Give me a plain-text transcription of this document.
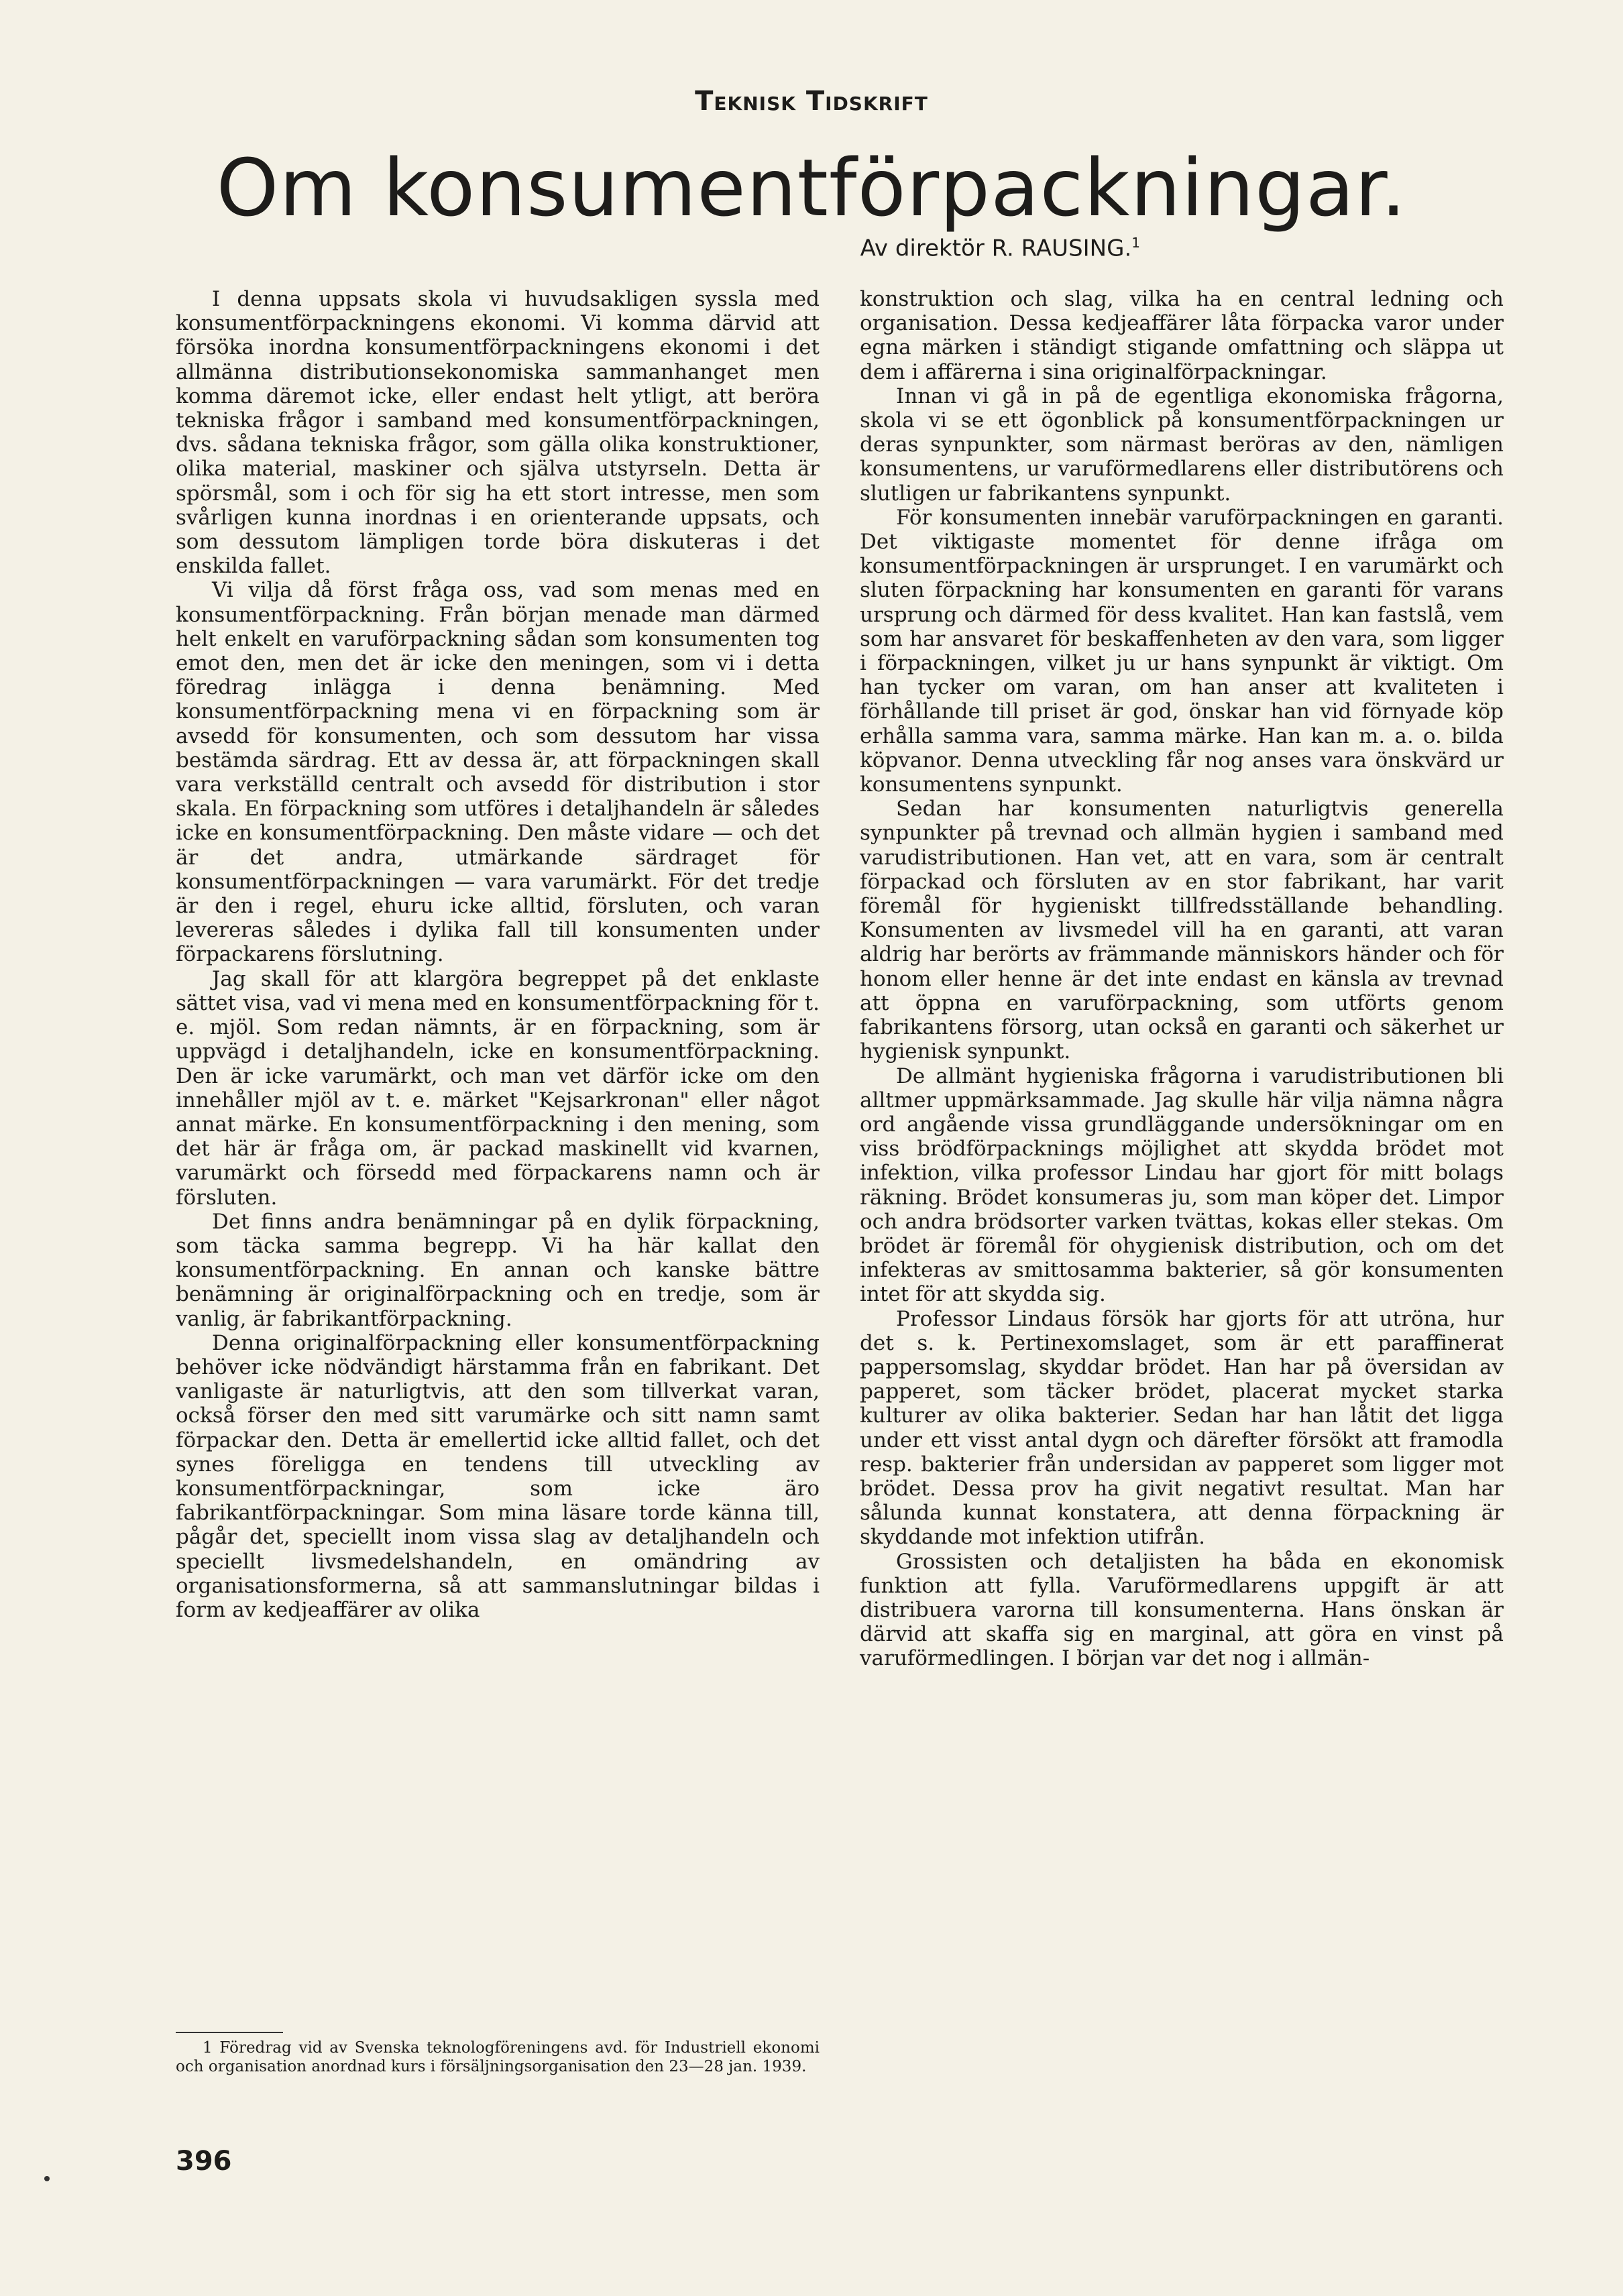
Teknisk Tidskrift
Om konsumentförpackningar.
Av direktör R. RAUSING.$^1$

I denna uppsats skola vi huvudsakligen syssla med konsumentförpackningens ekonomi. Vi komma därvid att försöka inordna konsumentförpackningens ekonomi i det allmänna distributionsekonomiska sammanhanget men komma däremot icke, eller endast helt ytligt, att beröra tekniska frågor i samband med konsumentförpackningen, dvs. sådana tekniska frågor, som gälla olika konstruktioner, olika material, maskiner och själva utstyrseln. Detta är spörsmål, som i och för sig ha ett stort intresse, men som svårligen kunna inordnas i en orienterande uppsats, och som dessutom lämpligen torde böra diskuteras i det enskilda fallet.

Vi vilja då först fråga oss, vad som menas med en konsumentförpackning. Från början menade man därmed helt enkelt en varuförpackning sådan som konsumenten tog emot den, men det är icke den meningen, som vi i detta föredrag inlägga i denna benämning. Med konsumentförpackning mena vi en förpackning som är avsedd för konsumenten, och som dessutom har vissa bestämda särdrag. Ett av dessa är, att förpackningen skall vara verkställd centralt och avsedd för distribution i stor skala. En förpackning som utföres i detaljhandeln är således icke en konsumentförpackning. Den måste vidare — och det är det andra, utmärkande särdraget för konsumentförpackningen — vara varumärkt. För det tredje är den i regel, ehuru icke alltid, försluten, och varan levereras således i dylika fall till konsumenten under förpackarens förslutning.

Jag skall för att klargöra begreppet på det enklaste sättet visa, vad vi mena med en konsumentförpackning för t. e. mjöl. Som redan nämnts, är en förpackning, som är uppvägd i detaljhandeln, icke en konsumentförpackning. Den är icke varumärkt, och man vet därför icke om den innehåller mjöl av t. e. märket "Kejsarkronan" eller något annat märke. En konsumentförpackning i den mening, som det här är fråga om, är packad maskinellt vid kvarnen, varumärkt och försedd med förpackarens namn och är försluten.

Det finns andra benämningar på en dylik förpackning, som täcka samma begrepp. Vi ha här kallat den konsumentförpackning. En annan och kanske bättre benämning är originalförpackning och en tredje, som är vanlig, är fabrikantförpackning.

Denna originalförpackning eller konsumentförpackning behöver icke nödvändigt härstamma från en fabrikant. Det vanligaste är naturligtvis, att den som tillverkat varan, också förser den med sitt varumärke och sitt namn samt förpackar den. Detta är emellertid icke alltid fallet, och det synes föreligga en tendens till utveckling av konsumentförpackningar, som icke äro fabrikantförpackningar. Som mina läsare torde känna till, pågår det, speciellt inom vissa slag av detaljhandeln och speciellt livsmedelshandeln, en omändring av organisationsformerna, så att sammanslutningar bildas i form av kedjeaffärer av olika

konstruktion och slag, vilka ha en central ledning och organisation. Dessa kedjeaffärer låta förpacka varor under egna märken i ständigt stigande omfattning och släppa ut dem i affärerna i sina originalförpackningar.

Innan vi gå in på de egentliga ekonomiska frågorna, skola vi se ett ögonblick på konsumentförpackningen ur deras synpunkter, som närmast beröras av den, nämligen konsumentens, ur varuförmedlarens eller distributörens och slutligen ur fabrikantens synpunkt.

För konsumenten innebär varuförpackningen en garanti. Det viktigaste momentet för denne ifråga om konsumentförpackningen är ursprunget. I en varumärkt och sluten förpackning har konsumenten en garanti för varans ursprung och därmed för dess kvalitet. Han kan fastslå, vem som har ansvaret för beskaffenheten av den vara, som ligger i förpackningen, vilket ju ur hans synpunkt är viktigt. Om han tycker om varan, om han anser att kvaliteten i förhållande till priset är god, önskar han vid förnyade köp erhålla samma vara, samma märke. Han kan m. a. o. bilda köpvanor. Denna utveckling får nog anses vara önskvärd ur konsumentens synpunkt.

Sedan har konsumenten naturligtvis generella synpunkter på trevnad och allmän hygien i samband med varudistributionen. Han vet, att en vara, som är centralt förpackad och försluten av en stor fabrikant, har varit föremål för hygieniskt tillfredsställande behandling. Konsumenten av livsmedel vill ha en garanti, att varan aldrig har berörts av främmande människors händer och för honom eller henne är det inte endast en känsla av trevnad att öppna en varuförpackning, som utförts genom fabrikantens försorg, utan också en garanti och säkerhet ur hygienisk synpunkt.

De allmänt hygieniska frågorna i varudistributionen bli alltmer uppmärksammade. Jag skulle här vilja nämna några ord angående vissa grundläggande undersökningar om en viss brödförpacknings möjlighet att skydda brödet mot infektion, vilka professor Lindau har gjort för mitt bolags räkning. Brödet konsumeras ju, som man köper det. Limpor och andra brödsorter varken tvättas, kokas eller stekas. Om brödet är föremål för ohygienisk distribution, och om det infekteras av smittosamma bakterier, så gör konsumenten intet för att skydda sig.

Professor Lindaus försök har gjorts för att utröna, hur det s. k. Pertinexomslaget, som är ett paraffinerat pappersomslag, skyddar brödet. Han har på översidan av papperet, som täcker brödet, placerat mycket starka kulturer av olika bakterier. Sedan har han låtit det ligga under ett visst antal dygn och därefter försökt att framodla resp. bakterier från undersidan av papperet som ligger mot brödet. Dessa prov ha givit negativt resultat. Man har sålunda kunnat konstatera, att denna förpackning är skyddande mot infektion utifrån.

Grossisten och detaljisten ha båda en ekonomisk funktion att fylla. Varuförmedlarens uppgift är att distribuera varorna till konsumenterna. Hans önskan är därvid att skaffa sig en marginal, att göra en vinst på varuförmedlingen. I början var det nog i allmän-

1 Föredrag vid av Svenska teknologföreningens avd. för Industriell ekonomi och organisation anordnad kurs i försäljningsorganisation den 23—28 jan. 1939.

396
